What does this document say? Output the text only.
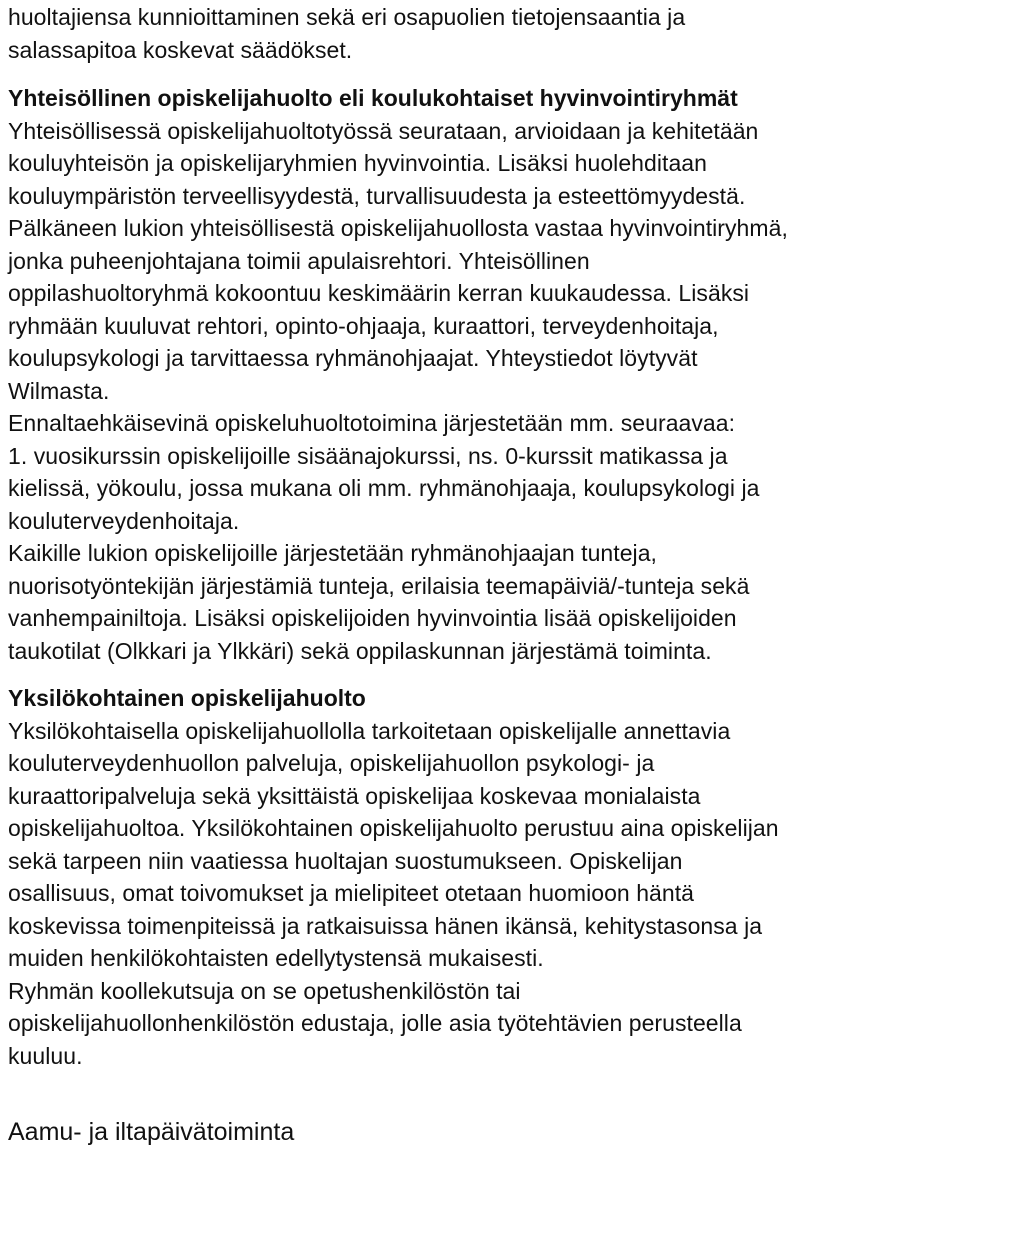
huoltajiensa kunnioittaminen sekä eri osapuolien tietojensaantia ja
salassapitoa koskevat säädökset.
Yhteisöllinen opiskelijahuolto eli koulukohtaiset hyvinvointiryhmät
Yhteisöllisessä opiskelijahuoltotyössä seurataan, arvioidaan ja kehitetään
kouluyhteisön ja opiskelijaryhmien hyvinvointia. Lisäksi huolehditaan
kouluympäristön terveellisyydestä, turvallisuudesta ja esteettömyydestä.
Pälkäneen lukion yhteisöllisestä opiskelijahuollosta vastaa hyvinvointiryhmä,
jonka puheenjohtajana toimii apulaisrehtori. Yhteisöllinen
oppilashuoltoryhmä kokoontuu keskimäärin kerran kuukaudessa. Lisäksi
ryhmään kuuluvat rehtori, opinto-ohjaaja, kuraattori, terveydenhoitaja,
koulupsykologi ja tarvittaessa ryhmänohjaajat. Yhteystiedot löytyvät
Wilmasta.
Ennaltaehkäisevinä opiskeluhuoltotoimina järjestetään mm. seuraavaa:
1. vuosikurssin opiskelijoille sisäänajokurssi, ns. 0-kurssit matikassa ja
kielissä, yökoulu, jossa mukana oli mm. ryhmänohjaaja, koulupsykologi ja
kouluterveydenhoitaja.
Kaikille lukion opiskelijoille järjestetään ryhmänohjaajan tunteja,
nuorisotyöntekijän järjestämiä tunteja, erilaisia teemapäiviä/-tunteja sekä
vanhempainiltoja. Lisäksi opiskelijoiden hyvinvointia lisää opiskelijoiden
taukotilat (Olkkari ja Ylkkäri) sekä oppilaskunnan järjestämä toiminta.
Yksilökohtainen opiskelijahuolto
Yksilökohtaisella opiskelijahuollolla tarkoitetaan opiskelijalle annettavia
kouluterveydenhuollon palveluja, opiskelijahuollon psykologi- ja
kuraattoripalveluja sekä yksittäistä opiskelijaa koskevaa monialaista
opiskelijahuoltoa. Yksilökohtainen opiskelijahuolto perustuu aina opiskelijan
sekä tarpeen niin vaatiessa huoltajan suostumukseen. Opiskelijan
osallisuus, omat toivomukset ja mielipiteet otetaan huomioon häntä
koskevissa toimenpiteissä ja ratkaisuissa hänen ikänsä, kehitystasonsa ja
muiden henkilökohtaisten edellytystensä mukaisesti.
Ryhmän koollekutsuja on se opetushenkilöstön tai
opiskelijahuollonhenkilöstön edustaja, jolle asia työtehtävien perusteella
kuuluu.
Aamu- ja iltapäivätoiminta
